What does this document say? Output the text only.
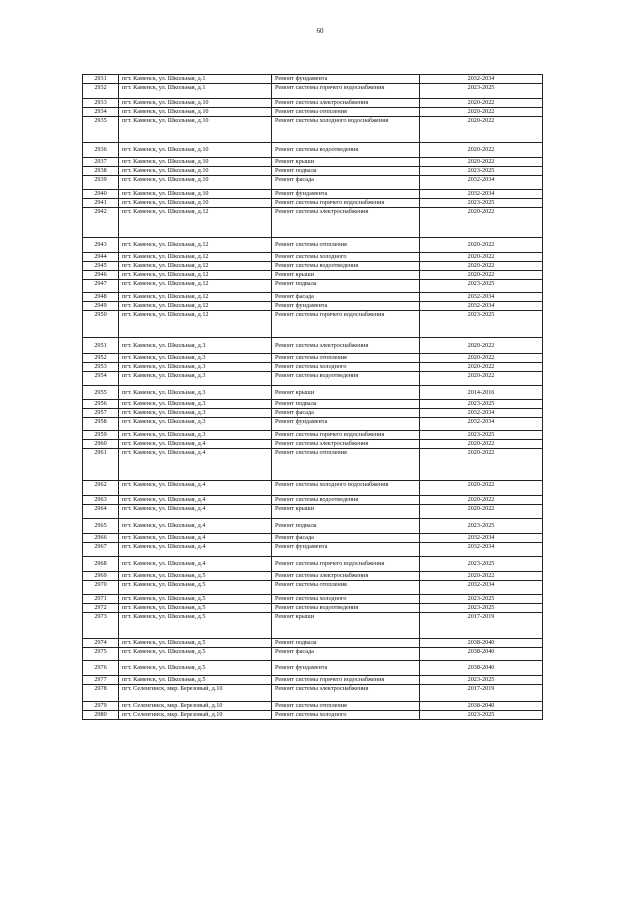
60
2931	пгт. Каменск, ул. Школьная, д.1	Ремонт фундамента	2032-2034
2932	пгт. Каменск, ул. Школьная, д.1	Ремонт системы горячего водоснабжения	2023-2025
2933	пгт. Каменск, ул. Школьная, д.10	Ремонт системы электроснабжения	2020-2022
2934	пгт. Каменск, ул. Школьная, д.10	Ремонт системы отопления	2020-2022
2935	пгт. Каменск, ул. Школьная, д.10	Ремонт системы холодного водоснабжения	2020-2022
2936	пгт. Каменск, ул. Школьная, д.10	Ремонт системы водоотведения	2020-2022
2937	пгт. Каменск, ул. Школьная, д.10	Ремонт крыши	2020-2022
2938	пгт. Каменск, ул. Школьная, д.10	Ремонт подвала	2023-2025
2939	пгт. Каменск, ул. Школьная, д.10	Ремонт фасада	2032-2034
2940	пгт. Каменск, ул. Школьная, д.10	Ремонт фундамента	2032-2034
2941	пгт. Каменск, ул. Школьная, д.10	Ремонт системы горячего водоснабжения	2023-2025
2942	пгт. Каменск, ул. Школьная, д.12	Ремонт системы электроснабжения	2020-2022
2943	пгт. Каменск, ул. Школьная, д.12	Ремонт системы отопления	2020-2022
2944	пгт. Каменск, ул. Школьная, д.12	Ремонт системы холодного	2020-2022
2945	пгт. Каменск, ул. Школьная, д.12	Ремонт системы водоотведения	2020-2022
2946	пгт. Каменск, ул. Школьная, д.12	Ремонт крыши	2020-2022
2947	пгт. Каменск, ул. Школьная, д.12	Ремонт подвала	2023-2025
2948	пгт. Каменск, ул. Школьная, д.12	Ремонт фасада	2032-2034
2949	пгт. Каменск, ул. Школьная, д.12	Ремонт фундамента	2032-2034
2950	пгт. Каменск, ул. Школьная, д.12	Ремонт системы горячего водоснабжения	2023-2025
2951	пгт. Каменск, ул. Школьная, д.3	Ремонт системы электроснабжения	2020-2022
2952	пгт. Каменск, ул. Школьная, д.3	Ремонт системы отопления	2020-2022
2953	пгт. Каменск, ул. Школьная, д.3	Ремонт системы холодного	2020-2022
2954	пгт. Каменск, ул. Школьная, д.3	Ремонт системы водоотведения	2020-2022
2955	пгт. Каменск, ул. Школьная, д.3	Ремонт крыши	2014-2016
2956	пгт. Каменск, ул. Школьная, д.3	Ремонт подвала	2023-2025
2957	пгт. Каменск, ул. Школьная, д.3	Ремонт фасада	2032-2034
2958	пгт. Каменск, ул. Школьная, д.3	Ремонт фундамента	2032-2034
2959	пгт. Каменск, ул. Школьная, д.3	Ремонт системы горячего водоснабжения	2023-2025
2960	пгт. Каменск, ул. Школьная, д.4	Ремонт системы электроснабжения	2020-2022
2961	пгт. Каменск, ул. Школьная, д.4	Ремонт системы отопления	2020-2022
2962	пгт. Каменск, ул. Школьная, д.4	Ремонт системы холодного водоснабжения	2020-2022
2963	пгт. Каменск, ул. Школьная, д.4	Ремонт системы водоотведения	2020-2022
2964	пгт. Каменск, ул. Школьная, д.4	Ремонт крыши	2020-2022
2965	пгт. Каменск, ул. Школьная, д.4	Ремонт подвала	2023-2025
2966	пгт. Каменск, ул. Школьная, д.4	Ремонт фасада	2032-2034
2967	пгт. Каменск, ул. Школьная, д.4	Ремонт фундамента	2032-2034
2968	пгт. Каменск, ул. Школьная, д.4	Ремонт системы горячего водоснабжения	2023-2025
2969	пгт. Каменск, ул. Школьная, д.5	Ремонт системы электроснабжения	2020-2022
2970	пгт. Каменск, ул. Школьная, д.5	Ремонт системы отопления	2032-2034
2971	пгт. Каменск, ул. Школьная, д.5	Ремонт системы холодного	2023-2025
2972	пгт. Каменск, ул. Школьная, д.5	Ремонт системы водоотведения	2023-2025
2973	пгт. Каменск, ул. Школьная, д.5	Ремонт крыши	2017-2019
2974	пгт. Каменск, ул. Школьная, д.5	Ремонт подвала	2038-2040
2975	пгт. Каменск, ул. Школьная, д.5	Ремонт фасада	2038-2040
2976	пгт. Каменск, ул. Школьная, д.5	Ремонт фундамента	2038-2040
2977	пгт. Каменск, ул. Школьная, д.5	Ремонт системы горячего водоснабжения	2023-2025
2978	пгт. Селенгинск, мкр. Березовый, д.10	Ремонт системы электроснабжения	2017-2019
2979	пгт. Селенгинск, мкр. Березовый, д.10	Ремонт системы отопления	2038-2040
2980	пгт. Селенгинск, мкр. Березовый, д.10	Ремонт системы холодного	2023-2025
